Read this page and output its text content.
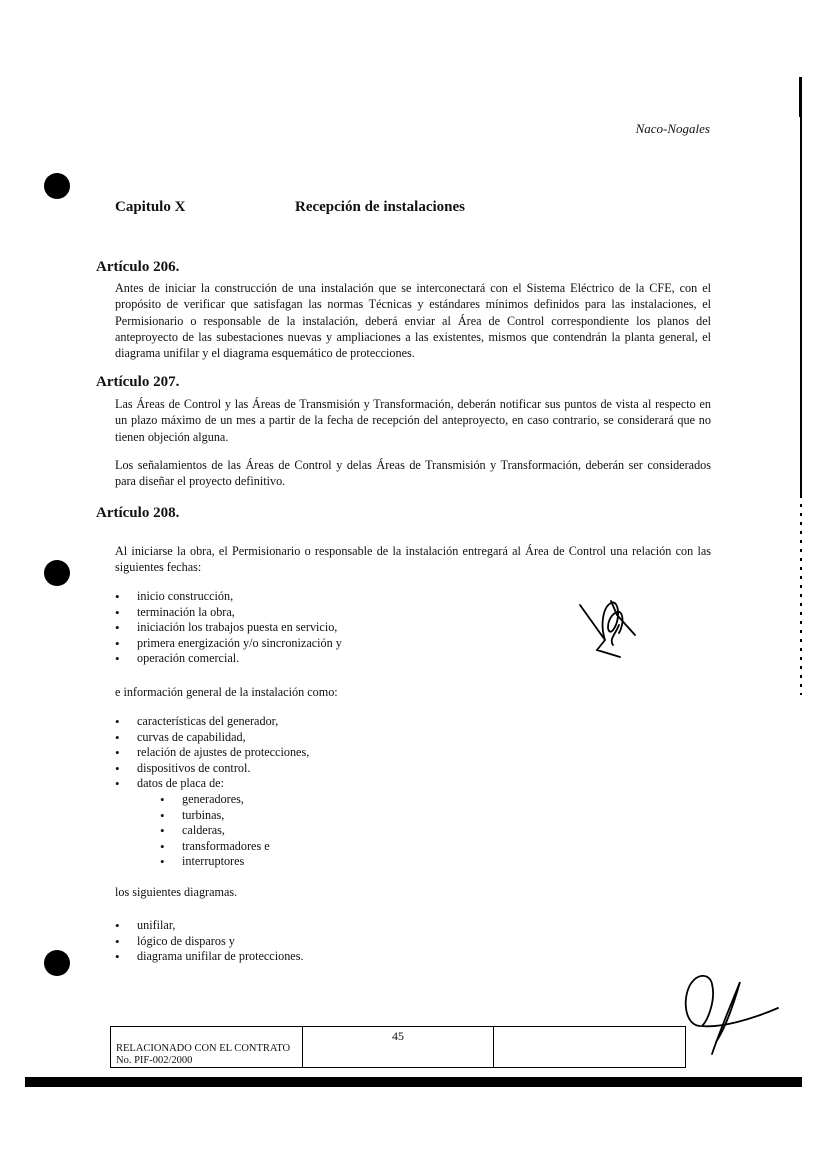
Naco-Nogales
Capitulo X	Recepción de instalaciones
Artículo 206.
Antes de iniciar la construcción de una instalación que se interconectará con el Sistema Eléctrico de la CFE, con el propósito de verificar que satisfagan las normas Técnicas y estándares mínimos definidos para las instalaciones, el Permisionario o responsable de la instalación, deberá enviar al Área de Control correspondiente los planos del anteproyecto de las subestaciones nuevas y ampliaciones a las existentes, mismos que contendrán la planta general, el diagrama unifilar y el diagrama esquemático de protecciones.
Artículo 207.
Las Áreas de Control y las Áreas de Transmisión y Transformación, deberán notificar sus puntos de vista al respecto en un plazo máximo de un mes a partir de la fecha de recepción del anteproyecto, en caso contrario, se considerará que no tienen objeción alguna.
Los señalamientos de las Áreas de Control y delas Áreas de Transmisión y Transformación, deberán ser considerados para diseñar el proyecto definitivo.
Artículo 208.
Al iniciarse la obra, el Permisionario o responsable de la instalación entregará al Área de Control una relación con las siguientes fechas:
• inicio construcción,
• terminación la obra,
• iniciación los trabajos puesta en servicio,
• primera energización y/o sincronización y
• operación comercial.
e información general de la instalación como:
• características del generador,
• curvas de capabilidad,
• relación de ajustes de protecciones,
• dispositivos de control.
• datos de placa de:
• generadores,
• turbinas,
• calderas,
• transformadores e
• interruptores
los siguientes diagramas.
• unifilar,
• lógico de disparos y
• diagrama unifilar de protecciones.
RELACIONADO CON EL CONTRATO
No. PIF-002/2000
45
